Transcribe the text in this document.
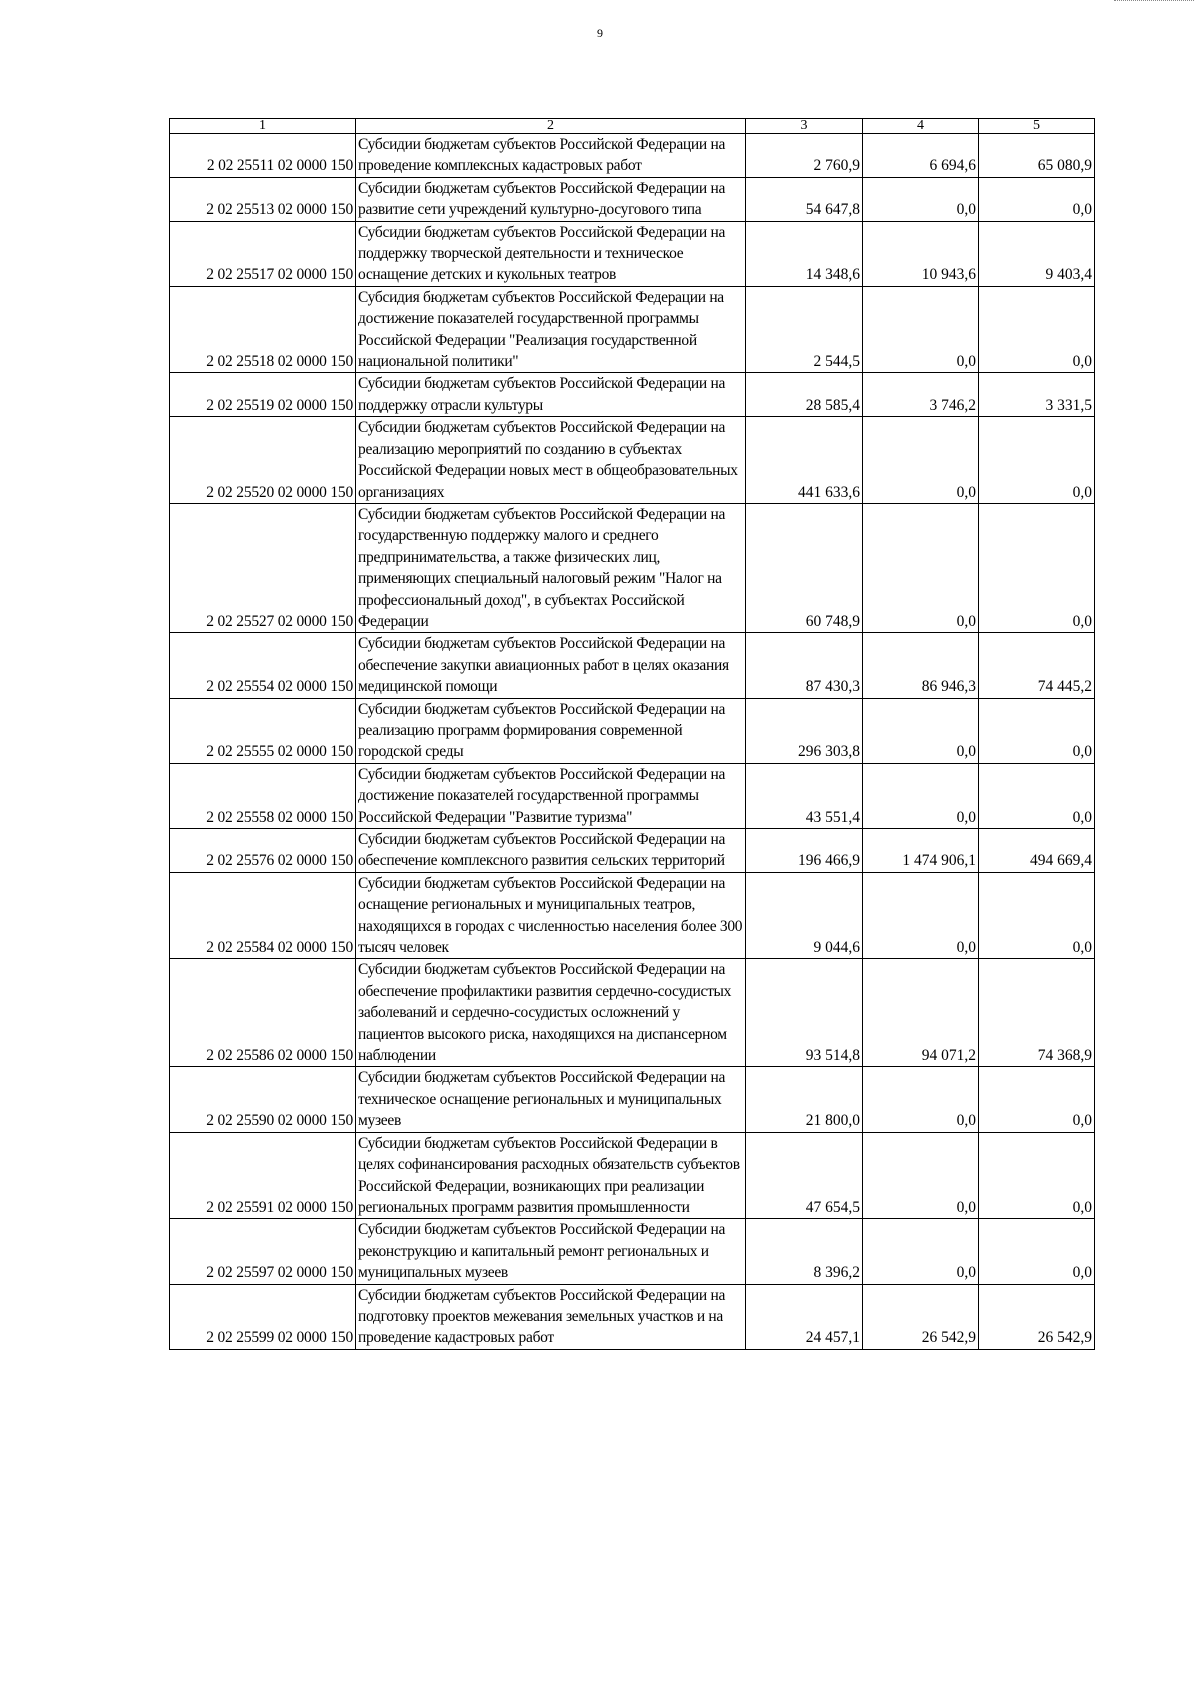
9
1	2	3	4	5
2 02 25511 02 0000 150	Субсидии бюджетам субъектов Российской Федерации на проведение комплексных кадастровых работ	2 760,9	6 694,6	65 080,9
2 02 25513 02 0000 150	Субсидии бюджетам субъектов Российской Федерации на развитие сети учреждений культурно-досугового типа	54 647,8	0,0	0,0
2 02 25517 02 0000 150	Субсидии бюджетам субъектов Российской Федерации на поддержку творческой деятельности и техническое оснащение детских и кукольных театров	14 348,6	10 943,6	9 403,4
2 02 25518 02 0000 150	Субсидия бюджетам субъектов Российской Федерации на достижение показателей государственной программы Российской Федерации "Реализация государственной национальной политики"	2 544,5	0,0	0,0
2 02 25519 02 0000 150	Субсидии бюджетам субъектов Российской Федерации на поддержку отрасли культуры	28 585,4	3 746,2	3 331,5
2 02 25520 02 0000 150	Субсидии бюджетам субъектов Российской Федерации на реализацию мероприятий по созданию в субъектах Российской Федерации новых мест в общеобразовательных организациях	441 633,6	0,0	0,0
2 02 25527 02 0000 150	Субсидии бюджетам субъектов Российской Федерации на государственную поддержку малого и среднего предпринимательства, а также физических лиц, применяющих специальный налоговый режим "Налог на профессиональный доход", в субъектах Российской Федерации	60 748,9	0,0	0,0
2 02 25554 02 0000 150	Субсидии бюджетам субъектов Российской Федерации на обеспечение закупки авиационных работ в целях оказания медицинской помощи	87 430,3	86 946,3	74 445,2
2 02 25555 02 0000 150	Субсидии бюджетам субъектов Российской Федерации на реализацию программ формирования современной городской среды	296 303,8	0,0	0,0
2 02 25558 02 0000 150	Субсидии бюджетам субъектов Российской Федерации на достижение показателей государственной программы Российской Федерации "Развитие туризма"	43 551,4	0,0	0,0
2 02 25576 02 0000 150	Субсидии бюджетам субъектов Российской Федерации на обеспечение комплексного развития сельских территорий	196 466,9	1 474 906,1	494 669,4
2 02 25584 02 0000 150	Субсидии бюджетам субъектов Российской Федерации на оснащение региональных и муниципальных театров, находящихся в городах с численностью населения более 300 тысяч человек	9 044,6	0,0	0,0
2 02 25586 02 0000 150	Субсидии бюджетам субъектов Российской Федерации на обеспечение профилактики развития сердечно-сосудистых заболеваний и сердечно-сосудистых осложнений у пациентов высокого риска, находящихся на диспансерном наблюдении	93 514,8	94 071,2	74 368,9
2 02 25590 02 0000 150	Субсидии бюджетам субъектов Российской Федерации на техническое оснащение региональных и муниципальных музеев	21 800,0	0,0	0,0
2 02 25591 02 0000 150	Субсидии бюджетам субъектов Российской Федерации в целях софинансирования расходных обязательств субъектов Российской Федерации, возникающих при реализации региональных программ развития промышленности	47 654,5	0,0	0,0
2 02 25597 02 0000 150	Субсидии бюджетам субъектов Российской Федерации на реконструкцию и капитальный ремонт региональных и муниципальных музеев	8 396,2	0,0	0,0
2 02 25599 02 0000 150	Субсидии бюджетам субъектов Российской Федерации на подготовку проектов межевания земельных участков и на проведение кадастровых работ	24 457,1	26 542,9	26 542,9
